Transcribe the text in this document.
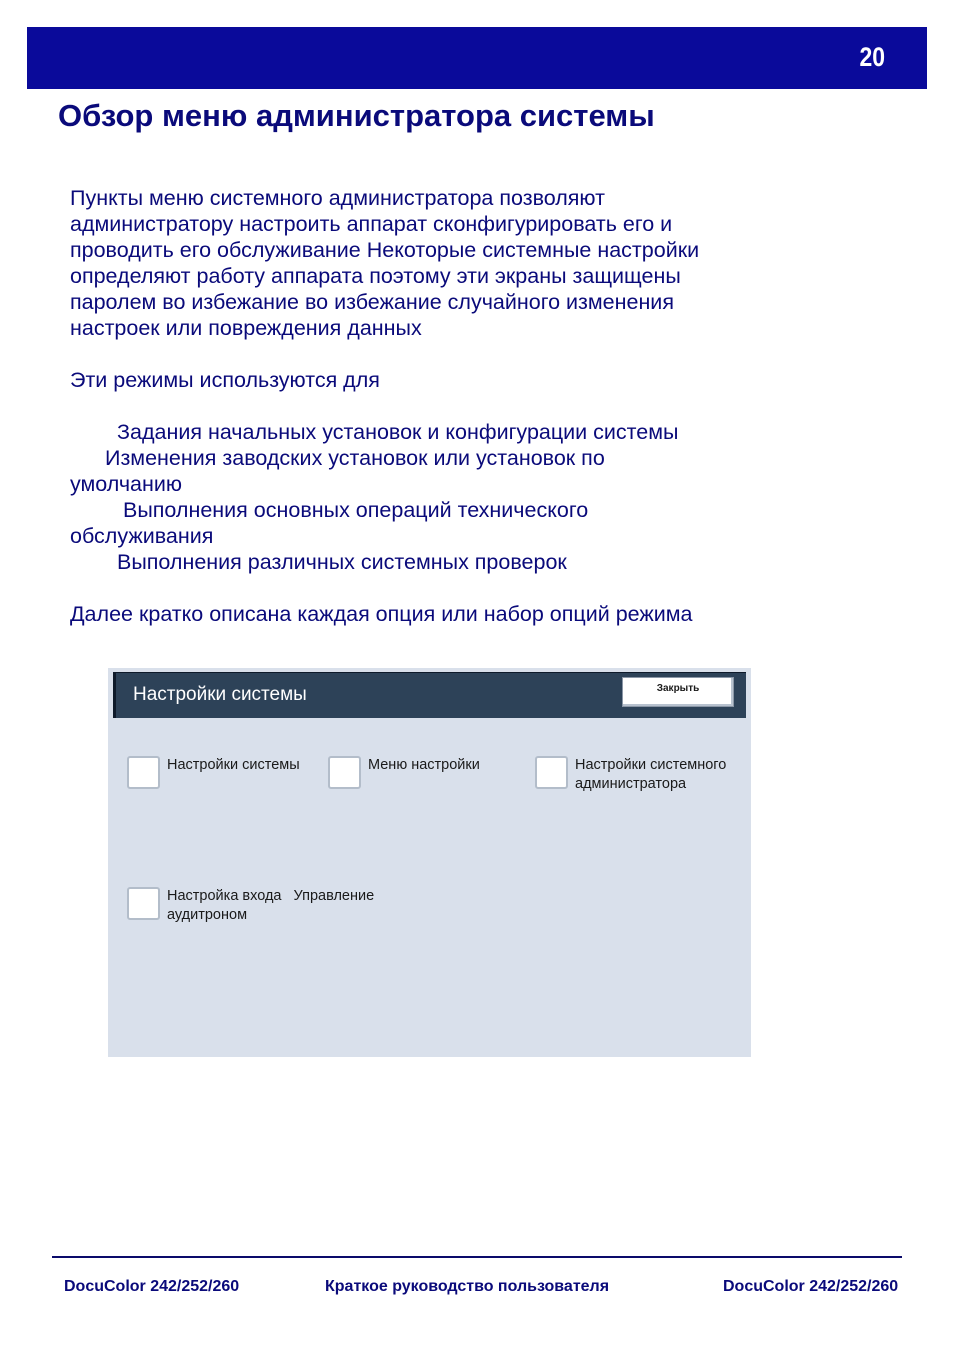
20
Обзор меню администратора системы
Пункты меню системного администратора позволяют
администратору настроить аппарат сконфигурировать его и
проводить его обслуживание Некоторые системные настройки
определяют работу аппарата поэтому эти экраны защищены
паролем во избежание во избежание случайного изменения
настроек или повреждения данных
Эти режимы используются для
Задания начальных установок и конфигурации системы
Изменения заводских установок или установок по
умолчанию
Выполнения основных операций технического
обслуживания
Выполнения различных системных проверок
Далее кратко описана каждая опция или набор опций режима
Настройки системы	Закрыть
Настройки системы	Меню настройки	Настройки системного
администратора
Настройка входа   Управление
аудитроном
DocuColor 242/252/260	Краткое руководство пользователя	DocuColor 242/252/260
